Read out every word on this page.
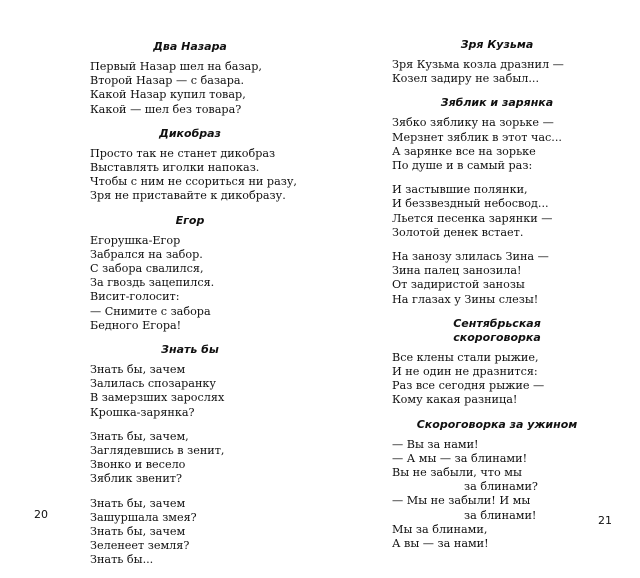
Два Назара
Первый Назар шел на базар,
Второй Назар — с базара.
Какой Назар купил товар,
Какой — шел без товара?
Дикобраз
Просто так не станет дикобраз
Выставлять иголки напоказ.
Чтобы с ним не ссориться ни разу,
Зря не приставайте к дикобразу.
Егор
Егорушка-Егор
Забрался на забор.
С забора свалился,
За гвоздь зацепился.
Висит-голосит:
— Снимите с забора
Бедного Егора!
Знать бы
Знать бы, зачем
Залилась спозаранку
В замерзших зарослях
Крошка-зарянка?
Знать бы, зачем,
Заглядевшись в зенит,
Звонко и весело
Зяблик звенит?
Знать бы, зачем
Зашуршала змея?
Знать бы, зачем
Зеленеет земля?
Знать бы...
20
Зря Кузьма
Зря Кузьма козла дразнил —
Козел задиру не забыл...
Зяблик и зарянка
Зябко зяблику на зорьке —
Мерзнет зяблик в этот час...
А зарянке все на зорьке
По душе и в самый раз:
И застывшие полянки,
И беззвездный небосвод...
Льется песенка зарянки —
Золотой денек встает.
На занозу злилась Зина —
Зина палец занозила!
От задиристой занозы
На глазах у Зины слезы!
Сентябрьская
скороговорка
Все клены стали рыжие,
И не один не дразнится:
Раз все сегодня рыжие —
Кому какая разница!
Скороговорка за ужином
— Вы за нами!
— А мы — за блинами!
Вы не забыли, что мы
за блинами?
— Мы не забыли! И мы
за блинами!
Мы за блинами,
А вы — за нами!
21
